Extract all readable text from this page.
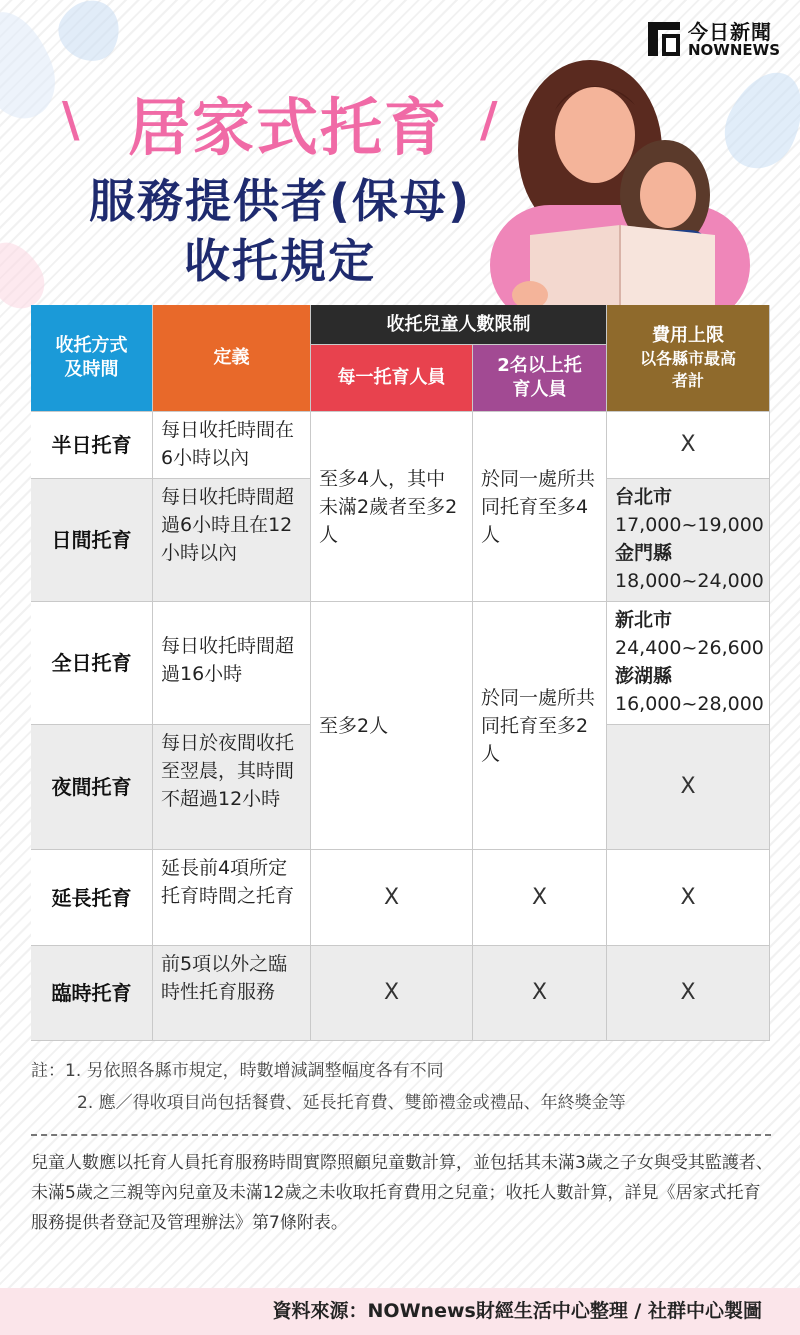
今日新聞
NOWNEWS
\	/
居家式托育
服務提供者(保母)
收托規定
收托方式及時間
定義
收托兒童人數限制
每一托育人員
2名以上托育人員
費用上限
以各縣市最高者計
半日托育
日間托育
全日托育
夜間托育
延長托育
臨時托育
每日收托時間在6小時以內
每日收托時間超過6小時且在12小時以內
每日收托時間超過16小時
每日於夜間收托至翌晨，其時間不超過12小時
延長前4項所定托育時間之托育
前5項以外之臨時性托育服務
至多4人，其中未滿2歲者至多2人
至多2人
X
X
於同一處所共同托育至多4人
於同一處所共同托育至多2人
X
X
X
台北市
17,000~19,000
金門縣
18,000~24,000
新北市
24,400~26,600
澎湖縣
16,000~28,000
X
X
X
註：1. 另依照各縣市規定，時數增減調整幅度各有不同
2. 應／得收項目尚包括餐費、延長托育費、雙節禮金或禮品、年終獎金等
兒童人數應以托育人員托育服務時間實際照顧兒童數計算，並包括其未滿3歲之子女與受其監護者、未滿5歲之三親等內兒童及未滿12歲之未收取托育費用之兒童；收托人數計算，詳見《居家式托育服務提供者登記及管理辦法》第7條附表。
資料來源：NOWnews財經生活中心整理 / 社群中心製圖
